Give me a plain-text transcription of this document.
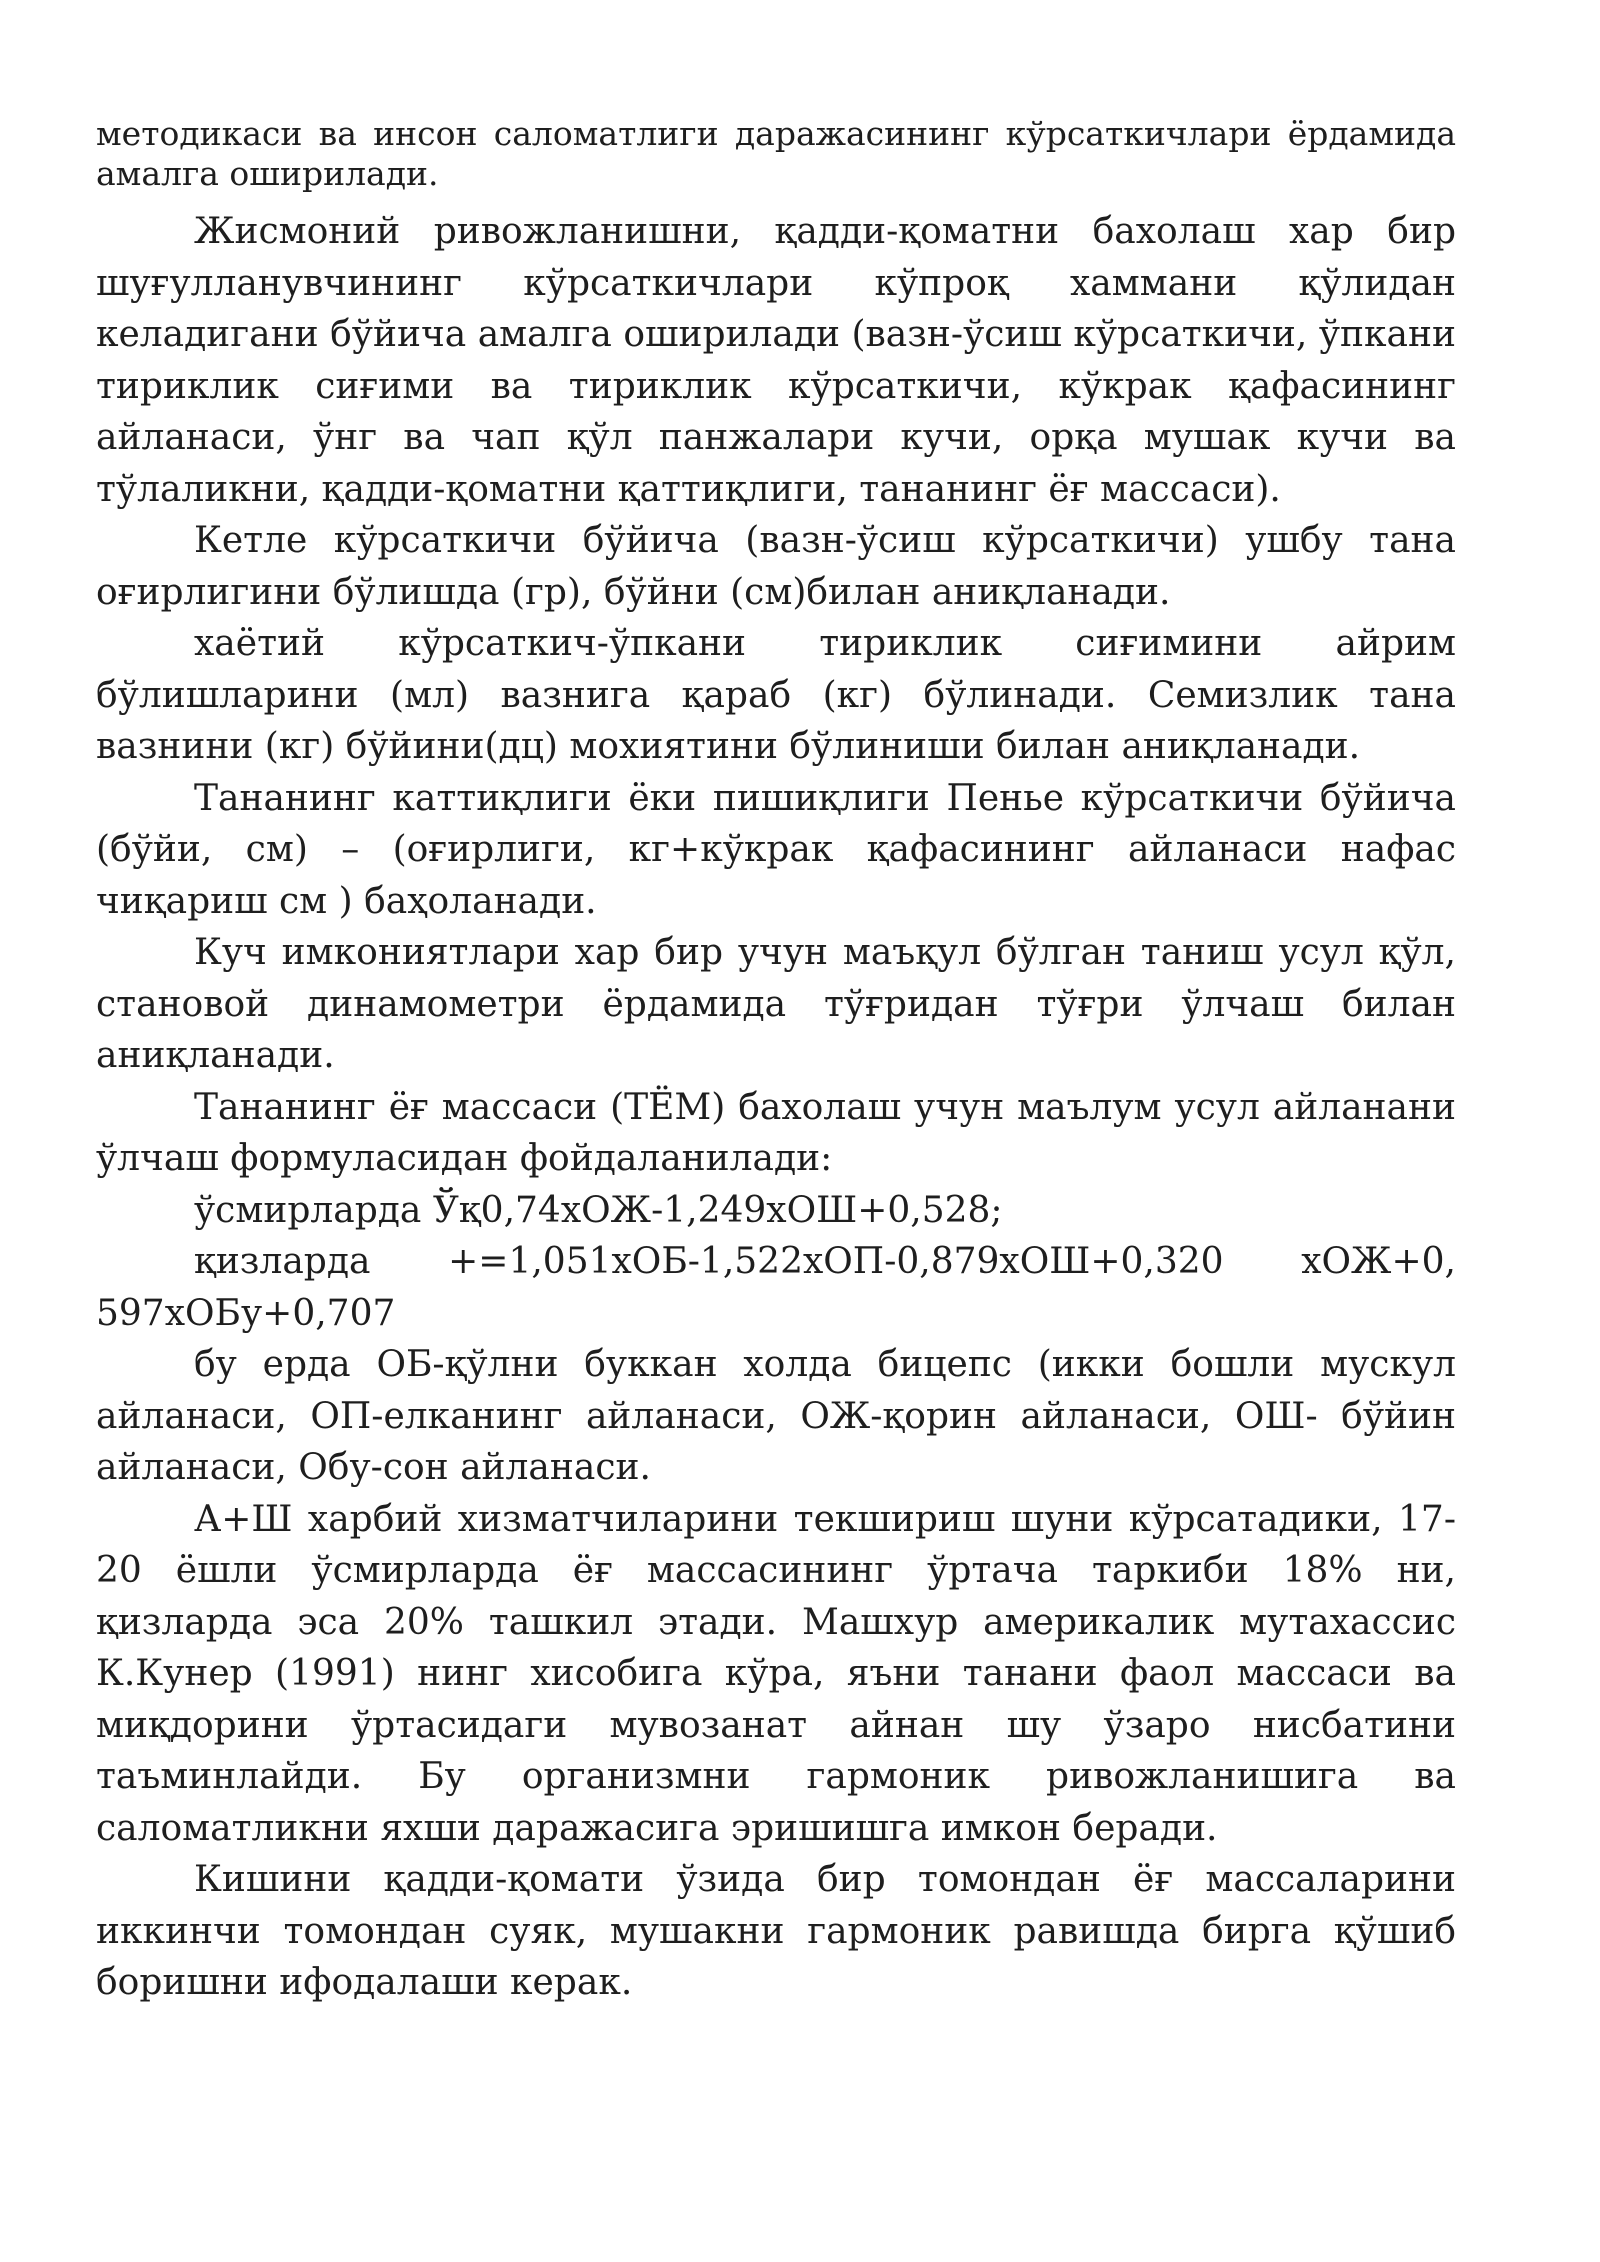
методикаси ва инсон саломатлиги даражасининг кўрсаткичлари ёрдамида амалга оширилади.

Жисмоний ривожланишни, қадди-қоматни бахолаш хар бир шуғулланувчининг кўрсаткичлари кўпроқ хаммани қўлидан келадигани бўйича амалга оширилади (вазн-ўсиш кўрсаткичи, ўпкани тириклик сиғими ва тириклик кўрсаткичи, кўкрак қафасининг айланаси, ўнг ва чап қўл панжалари кучи, орқа мушак кучи ва тўлаликни, қадди-қоматни қаттиқлиги, тананинг ёғ массаси).

Кетле кўрсаткичи бўйича (вазн-ўсиш кўрсаткичи) ушбу тана оғирлигини бўлишда (гр), бўйни (см)билан аниқланади.

хаётий кўрсаткич-ўпкани тириклик сиғимини айрим бўлишларини (мл) вазнига қараб (кг) бўлинади. Семизлик тана вазнини (кг) бўйини(дц) мохиятини бўлиниши билан аниқланади.

Тананинг каттиқлиги ёки пишиқлиги Пенье кўрсаткичи бўйича (бўйи, см) – (оғирлиги, кг+кўкрак қафасининг айланаси нафас чиқариш см ) баҳоланади.

Куч имкониятлари хар бир учун маъқул бўлган таниш усул қўл, становой динамометри ёрдамида тўғридан тўғри ўлчаш билан аниқланади.

Тананинг ёғ массаси (ТЁМ) бахолаш учун маълум усул айланани ўлчаш формуласидан фойдаланилади:

ўсмирларда Ўқ0,74хОЖ-1,249хОШ+0,528;

қизларда +=1,051хОБ-1,522хОП-0,879хОШ+0,320 хОЖ+0,

597хОБу+0,707

бу ерда ОБ-қўлни буккан холда бицепс (икки бошли мускул айланаси, ОП-елканинг айланаси, ОЖ-қорин айланаси, ОШ- бўйин айланаси, Обу-сон айланаси.

А+Ш харбий хизматчиларини текшириш шуни кўрсатадики, 17-20 ёшли ўсмирларда ёғ массасининг ўртача таркиби 18% ни, қизларда эса 20% ташкил этади. Машхур америкалик мутахассис К.Кунер (1991) нинг хисобига кўра, яъни танани фаол массаси ва миқдорини ўртасидаги мувозанат айнан шу ўзаро нисбатини таъминлайди. Бу организмни гармоник ривожланишига ва саломатликни яхши даражасига эришишга имкон беради.

Кишини қадди-қомати ўзида бир томондан ёғ массаларини иккинчи томондан суяк, мушакни гармоник равишда бирга қўшиб боришни ифодалаши керак.
